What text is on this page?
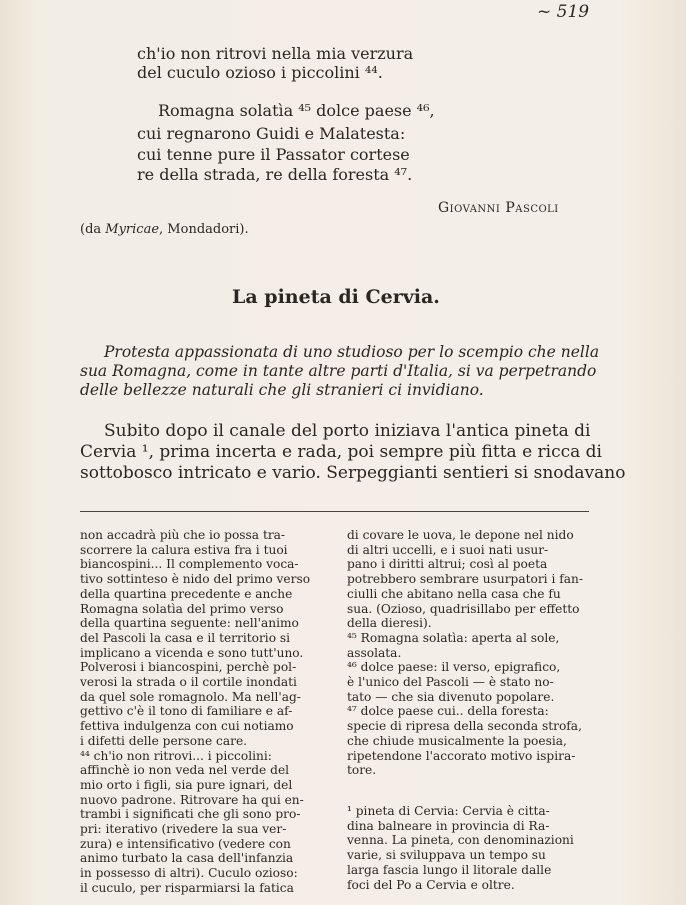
~ 519
ch'io non ritrovi nella mia verzura
del cuculo ozioso i piccolini ⁴⁴.
Romagna solatìa ⁴⁵ dolce paese ⁴⁶,
cui regnarono Guidi e Malatesta:
cui tenne pure il Passator cortese
re della strada, re della foresta ⁴⁷.
Giovanni Pascoli
(da Myricae, Mondadori).
La pineta di Cervia.
Protesta appassionata di uno studioso per lo scempio che nella
sua Romagna, come in tante altre parti d'Italia, si va perpetrando
delle bellezze naturali che gli stranieri ci invidiano.
Subito dopo il canale del porto iniziava l'antica pineta di
Cervia ¹, prima incerta e rada, poi sempre più fitta e ricca di
sottobosco intricato e vario. Serpeggianti sentieri si snodavano
non accadrà più che io possa tra-
scorrere la calura estiva fra i tuoi
biancospini... Il complemento voca-
tivo sottinteso è nido del primo verso
della quartina precedente e anche
Romagna solatìa del primo verso
della quartina seguente: nell'animo
del Pascoli la casa e il territorio si
implicano a vicenda e sono tutt'uno.
Polverosi i biancospini, perchè pol-
verosi la strada o il cortile inondati
da quel sole romagnolo. Ma nell'ag-
gettivo c'è il tono di familiare e af-
fettiva indulgenza con cui notiamo
i difetti delle persone care.
⁴⁴ ch'io non ritrovi... i piccolini:
affinchè io non veda nel verde del
mio orto i figli, sia pure ignari, del
nuovo padrone. Ritrovare ha qui en-
trambi i significati che gli sono pro-
pri: iterativo (rivedere la sua ver-
zura) e intensificativo (vedere con
animo turbato la casa dell'infanzia
in possesso di altri). Cuculo ozioso:
il cuculo, per risparmiarsi la fatica
di covare le uova, le depone nel nido
di altri uccelli, e i suoi nati usur-
pano i diritti altrui; così al poeta
potrebbero sembrare usurpatori i fan-
ciulli che abitano nella casa che fu
sua. (Ozioso, quadrisillabo per effetto
della dieresi).
⁴⁵ Romagna solatìa: aperta al sole,
assolata.
⁴⁶ dolce paese: il verso, epigrafico,
è l'unico del Pascoli — è stato no-
tato — che sia divenuto popolare.
⁴⁷ dolce paese cui.. della foresta:
specie di ripresa della seconda strofa,
che chiude musicalmente la poesia,
ripetendone l'accorato motivo ispira-
tore.
¹ pineta di Cervia: Cervia è citta-
dina balneare in provincia di Ra-
venna. La pineta, con denominazioni
varie, si sviluppava un tempo su
larga fascia lungo il litorale dalle
foci del Po a Cervia e oltre.
